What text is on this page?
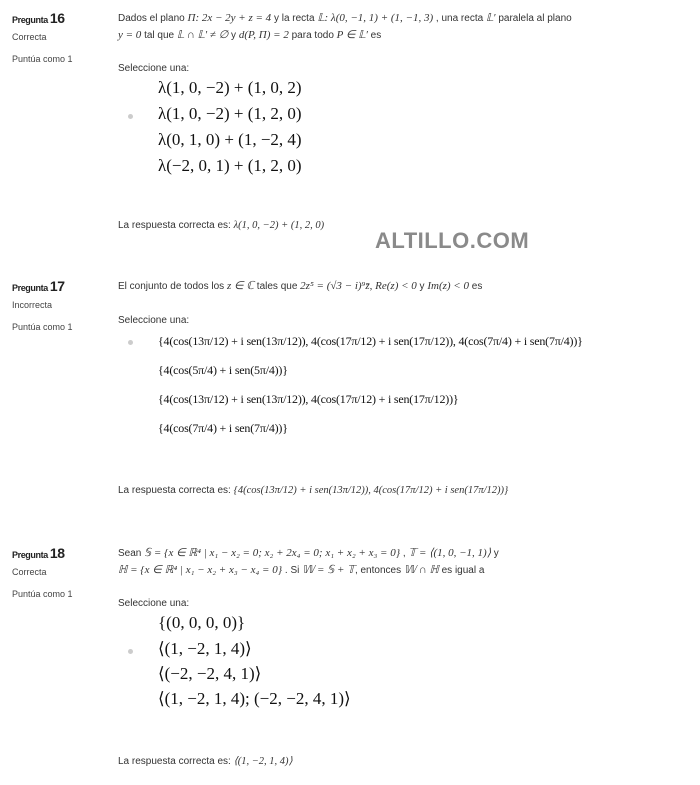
Pregunta 16
Correcta
Puntúa como 1
Dados el plano Π: 2x − 2y + z = 4 y la recta 𝕃: λ(0, −1, 1) + (1, −1, 3) , una recta 𝕃′ paralela al plano
y = 0 tal que 𝕃 ∩ 𝕃′ ≠ ∅ y d(P, Π) = 2 para todo P ∈ 𝕃′ es
Seleccione una:
λ(1, 0, −2) + (1, 0, 2)
λ(1, 0, −2) + (1, 2, 0)
λ(0, 1, 0) + (1, −2, 4)
λ(−2, 0, 1) + (1, 2, 0)
La respuesta correcta es: λ(1, 0, −2) + (1, 2, 0)
ALTILLO.COM
Pregunta 17
Incorrecta
Puntúa como 1
El conjunto de todos los z ∈ ℂ tales que 2z⁵ = (√3 − i)⁹z̄, Re(z) < 0 y Im(z) < 0 es
Seleccione una:
{4(cos(13π/12) + i sen(13π/12)), 4(cos(17π/12) + i sen(17π/12)), 4(cos(7π/4) + i sen(7π/4))}
{4(cos(5π/4) + i sen(5π/4))}
{4(cos(13π/12) + i sen(13π/12)), 4(cos(17π/12) + i sen(17π/12))}
{4(cos(7π/4) + i sen(7π/4))}
La respuesta correcta es: {4(cos(13π/12) + i sen(13π/12)), 4(cos(17π/12) + i sen(17π/12))}
Pregunta 18
Correcta
Puntúa como 1
Sean 𝕊 = {x ∈ ℝ⁴ | x₁ − x₂ = 0; x₂ + 2x₄ = 0; x₁ + x₂ + x₃ = 0} , 𝕋 = ⟨(1, 0, −1, 1)⟩ y
ℍ = {x ∈ ℝ⁴ | x₁ − x₂ + x₃ − x₄ = 0} . Si 𝕎 = 𝕊 + 𝕋, entonces 𝕎 ∩ ℍ es igual a
Seleccione una:
{(0, 0, 0, 0)}
⟨(1, −2, 1, 4)⟩
⟨(−2, −2, 4, 1)⟩
⟨(1, −2, 1, 4); (−2, −2, 4, 1)⟩
La respuesta correcta es: ⟨(1, −2, 1, 4)⟩
